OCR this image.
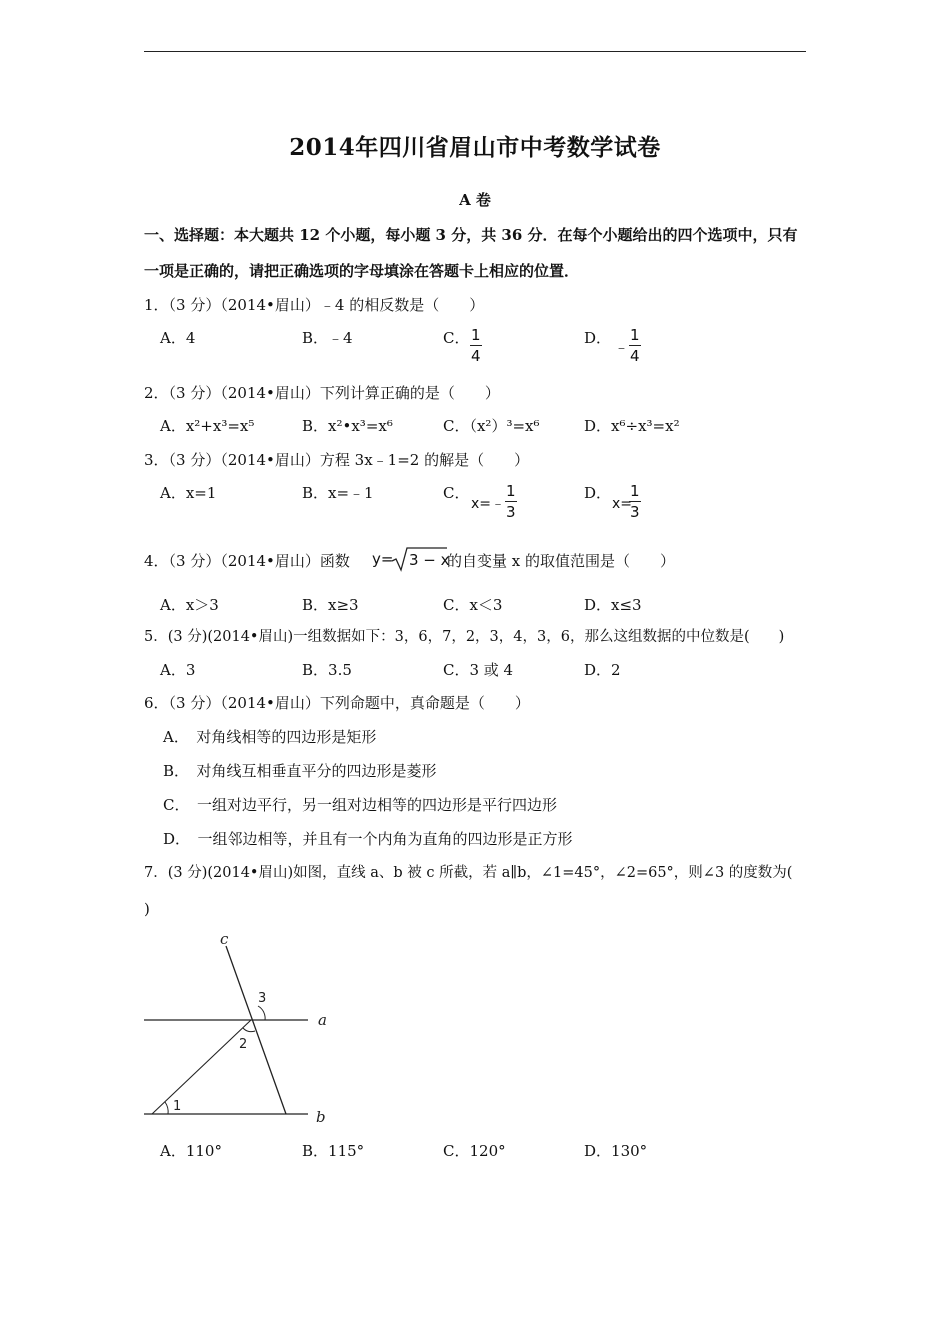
2014年四川省眉山市中考数学试卷
A 卷
一、选择题：本大题共 12 个小题，每小题 3 分，共 36 分．在每个小题给出的四个选项中，只有
一项是正确的，请把正确选项的字母填涂在答题卡上相应的位置．
1．（3 分）（2014•眉山）﹣4 的相反数是（　　）
A．4	B．﹣4	C． $\frac{1}{4}$	D． ﹣ $\frac{1}{4}$
2．（3 分）（2014•眉山）下列计算正确的是（　　）
A．x²+x³=x⁵	B．x²•x³=x⁶	C．（x²）³=x⁶	D．x⁶÷x³=x²
3．（3 分）（2014•眉山）方程 3x﹣1=2 的解是（　　）
A．x=1	B．x=﹣1	C．
x=﹣ $\frac{1}{3}$	D．
x=
$\frac{1}{3}$
4．（3 分）（2014•眉山）函数 y= 3 − x
的自变量 x 的取值范围是（　　）
A．x＞3	B．x≥3	C．x＜3	D．x≤3
5．(3 分)(2014•眉山)一组数据如下：3，6，7，2，3，4，3，6，那么这组数据的中位数是(　　)
A．3	B．3.5	C．3 或 4	D．2
6．（3 分）（2014•眉山）下列命题中，真命题是（　　）
A．　对角线相等的四边形是矩形
B．　对角线互相垂直平分的四边形是菱形
C．　一组对边平行，另一组对边相等的四边形是平行四边形
D．　一组邻边相等，并且有一个内角为直角的四边形是正方形
7．(3 分)(2014•眉山)如图，直线 a、b 被 c 所截，若 a∥b，∠1=45°，∠2=65°，则∠3 的度数为(
)
c
a
b
3
2
1
A．110°	B．115°	C．120°	D．130°
